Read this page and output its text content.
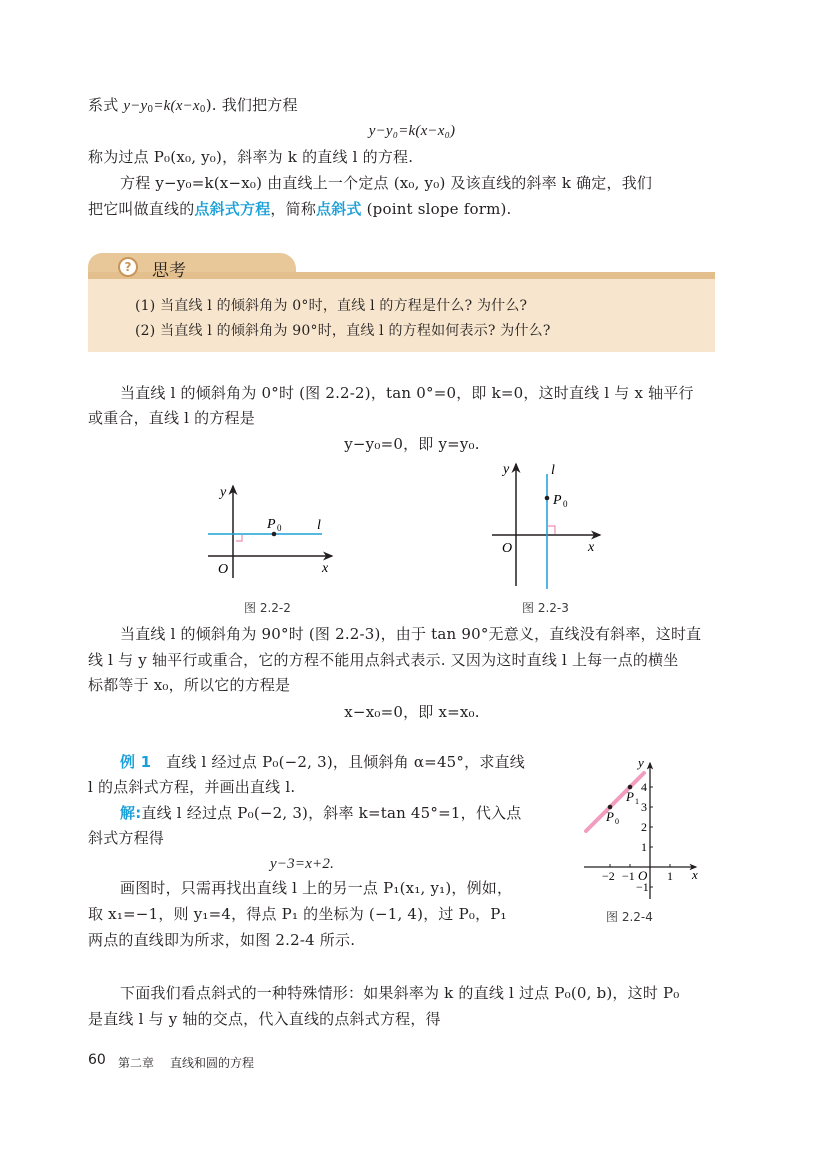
系式 $y-y_0=k(x-x_0)$. 我们把方程
y−y₀=k(x−x₀)
称为过点 P₀(x₀, y₀)，斜率为 k 的直线 l 的方程.
方程 y−y₀=k(x−x₀) 由直线上一个定点 (x₀, y₀) 及该直线的斜率 k 确定，我们
把它叫做直线的点斜式方程，简称点斜式 (point slope form).
?	思考
(1) 当直线 l 的倾斜角为 0°时，直线 l 的方程是什么? 为什么?
(2) 当直线 l 的倾斜角为 90°时，直线 l 的方程如何表示? 为什么?
当直线 l 的倾斜角为 0°时 (图 2.2-2)，tan 0°=0，即 k=0，这时直线 l 与 x 轴平行
或重合，直线 l 的方程是
y−y₀=0，即 y=y₀.
y
x
O
P 0	l
图 2.2-2
y
x
O
l
P 0
图 2.2-3
当直线 l 的倾斜角为 90°时 (图 2.2-3)，由于 tan 90°无意义，直线没有斜率，这时直
线 l 与 y 轴平行或重合，它的方程不能用点斜式表示. 又因为这时直线 l 上每一点的横坐
标都等于 x₀，所以它的方程是
x−x₀=0，即 x=x₀.
例 1 直线 l 经过点 P₀(−2, 3)，且倾斜角 α=45°，求直线
l 的点斜式方程，并画出直线 l.
解:直线 l 经过点 P₀(−2, 3)，斜率 k=tan 45°=1，代入点
斜式方程得
y−3=x+2.
画图时，只需再找出直线 l 上的另一点 P₁(x₁, y₁)，例如，
取 x₁=−1，则 y₁=4，得点 P₁ 的坐标为 (−1, 4)，过 P₀，P₁
两点的直线即为所求，如图 2.2-4 所示.
−2 −1	1
4
3
2
1
−1
P 0
P 1
y
x
O
图 2.2-4
下面我们看点斜式的一种特殊情形：如果斜率为 k 的直线 l 过点 P₀(0, b)，这时 P₀
是直线 l 与 y 轴的交点，代入直线的点斜式方程，得
60 第二章 直线和圆的方程
